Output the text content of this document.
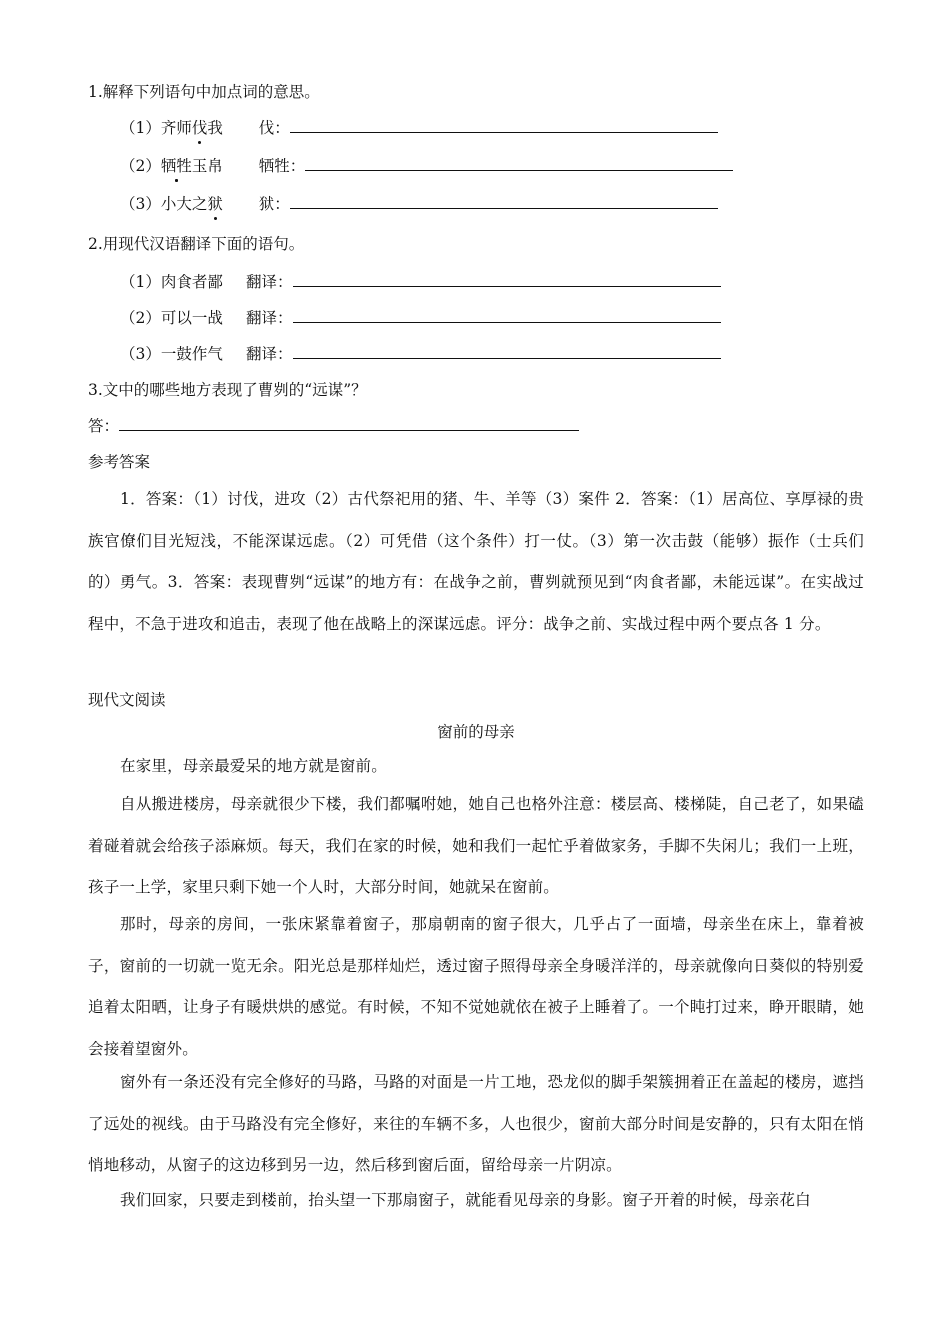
1.解释下列语句中加点词的意思。
（1）齐师伐我 伐：
（2）牺牲玉帛 牺牲：
（3）小大之狱 狱：
2.用现代汉语翻译下面的语句。
（1）肉食者鄙 翻译：
（2）可以一战 翻译：
（3）一鼓作气 翻译：
3.文中的哪些地方表现了曹刿的“远谋”？
答：
参考答案
1．答案：（1）讨伐，进攻（2）古代祭祀用的猪、牛、羊等（3）案件 2．答案：（1）居高位、享厚禄的贵族官僚们目光短浅，不能深谋远虑。（2）可凭借（这个条件）打一仗。（3）第一次击鼓（能够）振作（士兵们的）勇气。3．答案：表现曹刿“远谋”的地方有：在战争之前，曹刿就预见到“肉食者鄙，未能远谋”。在实战过程中，不急于进攻和追击，表现了他在战略上的深谋远虑。评分：战争之前、实战过程中两个要点各 1 分。
现代文阅读
窗前的母亲
在家里，母亲最爱呆的地方就是窗前。
自从搬进楼房，母亲就很少下楼，我们都嘱咐她，她自己也格外注意：楼层高、楼梯陡，自己老了，如果磕着碰着就会给孩子添麻烦。每天，我们在家的时候，她和我们一起忙乎着做家务，手脚不失闲儿；我们一上班，孩子一上学，家里只剩下她一个人时，大部分时间，她就呆在窗前。
那时，母亲的房间，一张床紧靠着窗子，那扇朝南的窗子很大，几乎占了一面墙，母亲坐在床上，靠着被子，窗前的一切就一览无余。阳光总是那样灿烂，透过窗子照得母亲全身暖洋洋的，母亲就像向日葵似的特别爱追着太阳晒，让身子有暖烘烘的感觉。有时候，不知不觉她就依在被子上睡着了。一个盹打过来，睁开眼睛，她会接着望窗外。
窗外有一条还没有完全修好的马路，马路的对面是一片工地，恐龙似的脚手架簇拥着正在盖起的楼房，遮挡了远处的视线。由于马路没有完全修好，来往的车辆不多，人也很少，窗前大部分时间是安静的，只有太阳在悄悄地移动，从窗子的这边移到另一边，然后移到窗后面，留给母亲一片阴凉。
我们回家，只要走到楼前，抬头望一下那扇窗子，就能看见母亲的身影。窗子开着的时候，母亲花白
